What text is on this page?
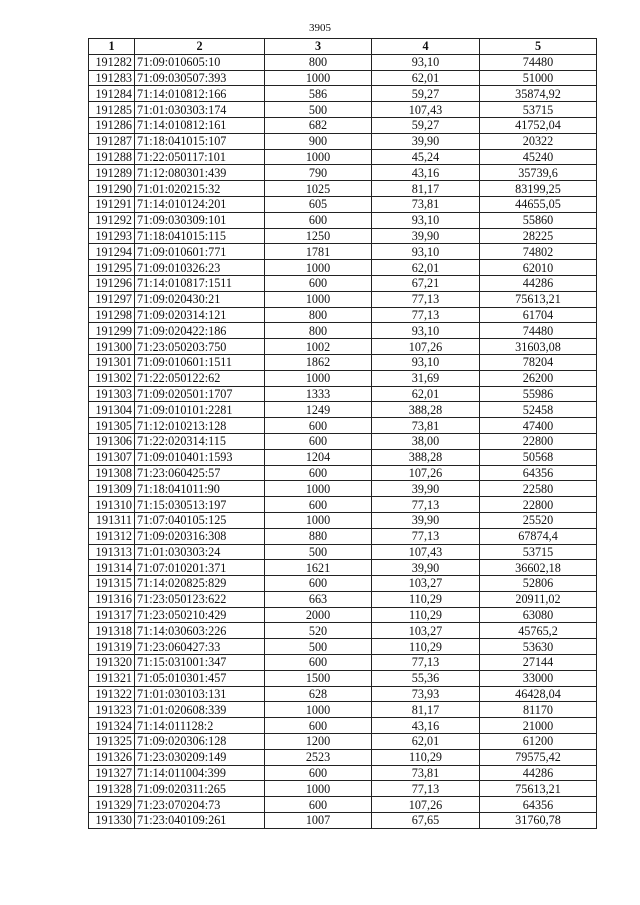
3905
1	2	3	4	5
191282	71:09:010605:10	800	93,10	74480
191283	71:09:030507:393	1000	62,01	51000
191284	71:14:010812:166	586	59,27	35874,92
191285	71:01:030303:174	500	107,43	53715
191286	71:14:010812:161	682	59,27	41752,04
191287	71:18:041015:107	900	39,90	20322
191288	71:22:050117:101	1000	45,24	45240
191289	71:12:080301:439	790	43,16	35739,6
191290	71:01:020215:32	1025	81,17	83199,25
191291	71:14:010124:201	605	73,81	44655,05
191292	71:09:030309:101	600	93,10	55860
191293	71:18:041015:115	1250	39,90	28225
191294	71:09:010601:771	1781	93,10	74802
191295	71:09:010326:23	1000	62,01	62010
191296	71:14:010817:1511	600	67,21	44286
191297	71:09:020430:21	1000	77,13	75613,21
191298	71:09:020314:121	800	77,13	61704
191299	71:09:020422:186	800	93,10	74480
191300	71:23:050203:750	1002	107,26	31603,08
191301	71:09:010601:1511	1862	93,10	78204
191302	71:22:050122:62	1000	31,69	26200
191303	71:09:020501:1707	1333	62,01	55986
191304	71:09:010101:2281	1249	388,28	52458
191305	71:12:010213:128	600	73,81	47400
191306	71:22:020314:115	600	38,00	22800
191307	71:09:010401:1593	1204	388,28	50568
191308	71:23:060425:57	600	107,26	64356
191309	71:18:041011:90	1000	39,90	22580
191310	71:15:030513:197	600	77,13	22800
191311	71:07:040105:125	1000	39,90	25520
191312	71:09:020316:308	880	77,13	67874,4
191313	71:01:030303:24	500	107,43	53715
191314	71:07:010201:371	1621	39,90	36602,18
191315	71:14:020825:829	600	103,27	52806
191316	71:23:050123:622	663	110,29	20911,02
191317	71:23:050210:429	2000	110,29	63080
191318	71:14:030603:226	520	103,27	45765,2
191319	71:23:060427:33	500	110,29	53630
191320	71:15:031001:347	600	77,13	27144
191321	71:05:010301:457	1500	55,36	33000
191322	71:01:030103:131	628	73,93	46428,04
191323	71:01:020608:339	1000	81,17	81170
191324	71:14:011128:2	600	43,16	21000
191325	71:09:020306:128	1200	62,01	61200
191326	71:23:030209:149	2523	110,29	79575,42
191327	71:14:011004:399	600	73,81	44286
191328	71:09:020311:265	1000	77,13	75613,21
191329	71:23:070204:73	600	107,26	64356
191330	71:23:040109:261	1007	67,65	31760,78
